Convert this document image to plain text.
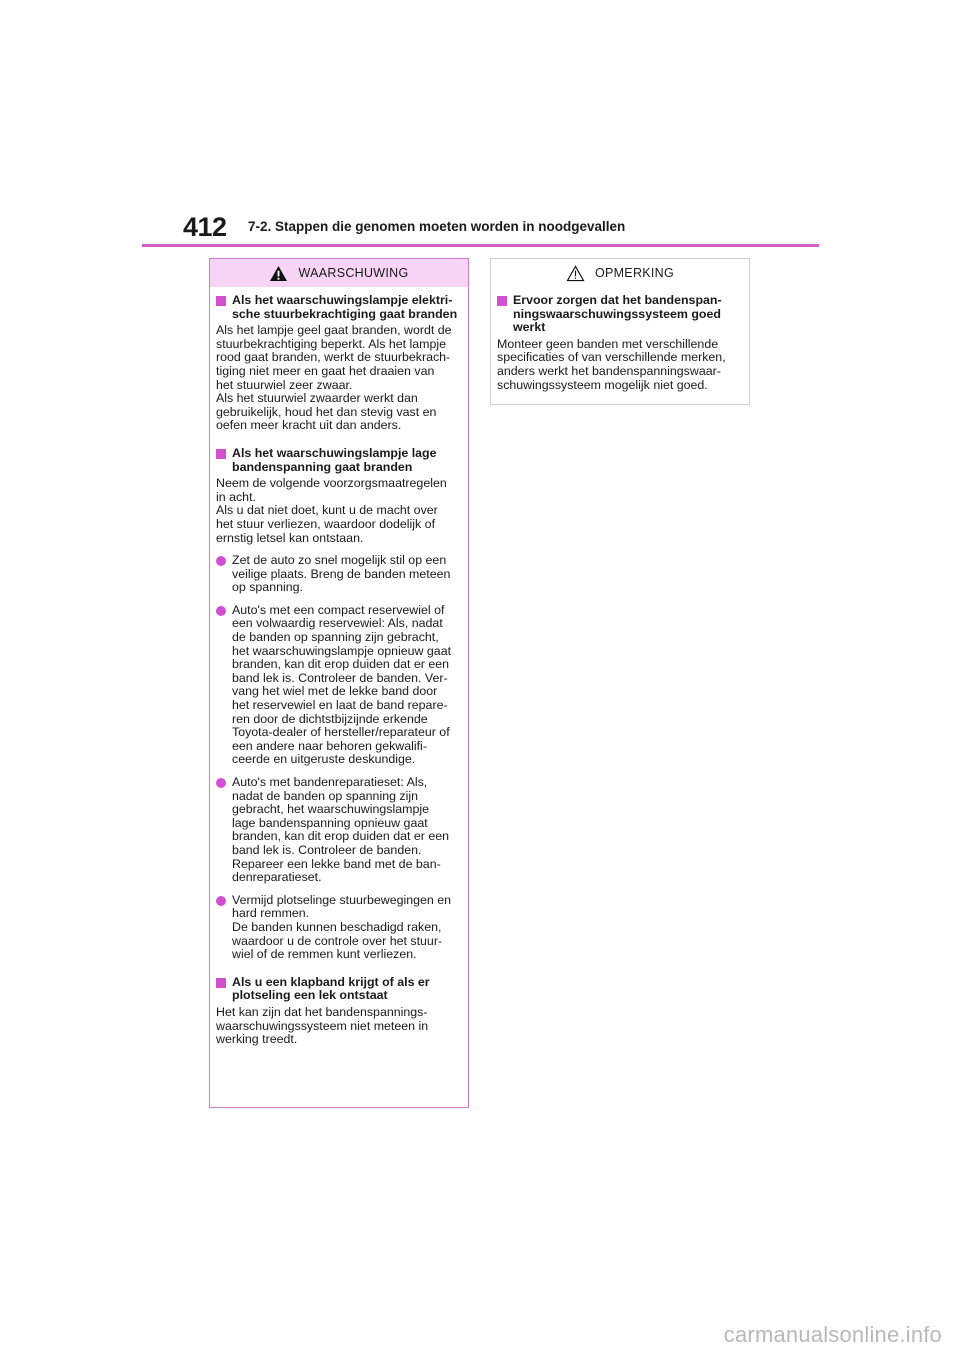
412 7-2. Stappen die genomen moeten worden in noodgevallen
WAARSCHUWING
Als het waarschuwingslampje elektri-
sche stuurbekrachtiging gaat branden
Als het lampje geel gaat branden, wordt de
stuurbekrachtiging beperkt. Als het lampje
rood gaat branden, werkt de stuurbekrach-
tiging niet meer en gaat het draaien van
het stuurwiel zeer zwaar.
Als het stuurwiel zwaarder werkt dan
gebruikelijk, houd het dan stevig vast en
oefen meer kracht uit dan anders.
Als het waarschuwingslampje lage
bandenspanning gaat branden
Neem de volgende voorzorgsmaatregelen
in acht.
Als u dat niet doet, kunt u de macht over
het stuur verliezen, waardoor dodelijk of
ernstig letsel kan ontstaan.
Zet de auto zo snel mogelijk stil op een
veilige plaats. Breng de banden meteen
op spanning.
Auto's met een compact reservewiel of
een volwaardig reservewiel: Als, nadat
de banden op spanning zijn gebracht,
het waarschuwingslampje opnieuw gaat
branden, kan dit erop duiden dat er een
band lek is. Controleer de banden. Ver-
vang het wiel met de lekke band door
het reservewiel en laat de band repare-
ren door de dichtstbijzijnde erkende
Toyota-dealer of hersteller/reparateur of
een andere naar behoren gekwalifi-
ceerde en uitgeruste deskundige.
Auto's met bandenreparatieset: Als,
nadat de banden op spanning zijn
gebracht, het waarschuwingslampje
lage bandenspanning opnieuw gaat
branden, kan dit erop duiden dat er een
band lek is. Controleer de banden.
Repareer een lekke band met de ban-
denreparatieset.
Vermijd plotselinge stuurbewegingen en
hard remmen.
De banden kunnen beschadigd raken,
waardoor u de controle over het stuur-
wiel of de remmen kunt verliezen.
Als u een klapband krijgt of als er
plotseling een lek ontstaat
Het kan zijn dat het bandenspannings-
waarschuwingssysteem niet meteen in
werking treedt.
OPMERKING
Ervoor zorgen dat het bandenspan-
ningswaarschuwingssysteem goed
werkt
Monteer geen banden met verschillende
specificaties of van verschillende merken,
anders werkt het bandenspanningswaar-
schuwingssysteem mogelijk niet goed.
carmanualsonline.info
